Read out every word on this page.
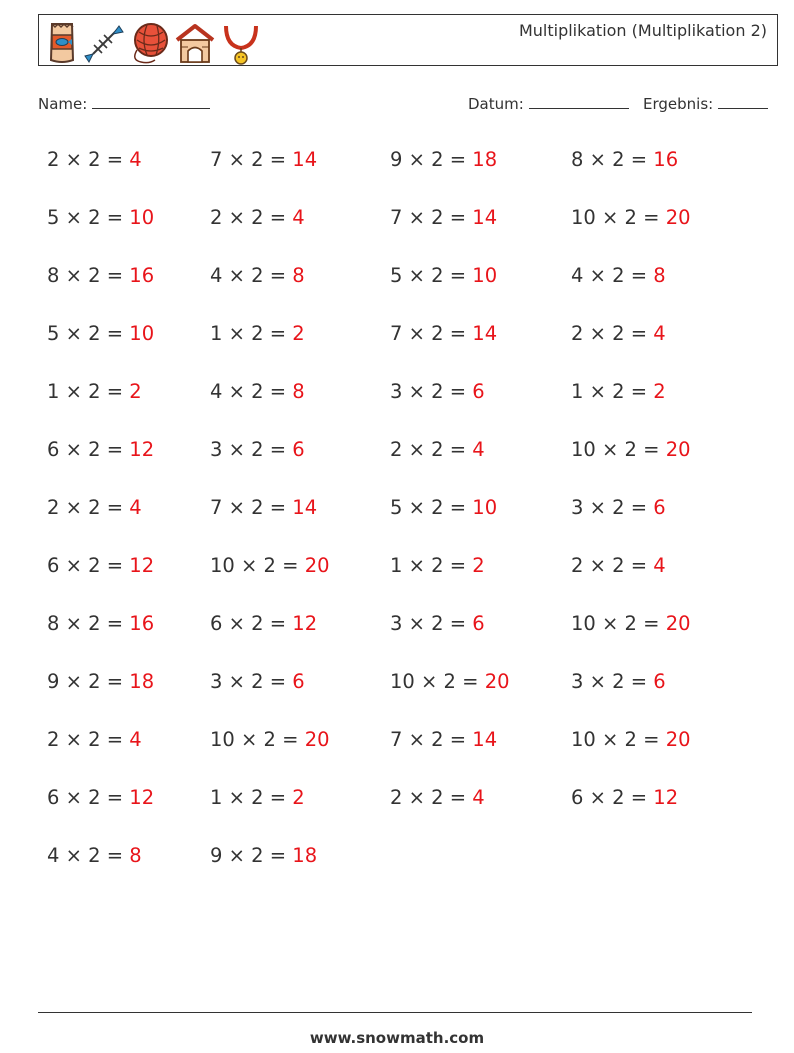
Multiplikation (Multiplikation 2)
Name:	Datum:	Ergebnis:
2 × 2 = 4	7 × 2 = 14	9 × 2 = 18	8 × 2 = 16
5 × 2 = 10	2 × 2 = 4	7 × 2 = 14	10 × 2 = 20
8 × 2 = 16	4 × 2 = 8	5 × 2 = 10	4 × 2 = 8
5 × 2 = 10	1 × 2 = 2	7 × 2 = 14	2 × 2 = 4
1 × 2 = 2	4 × 2 = 8	3 × 2 = 6	1 × 2 = 2
6 × 2 = 12	3 × 2 = 6	2 × 2 = 4	10 × 2 = 20
2 × 2 = 4	7 × 2 = 14	5 × 2 = 10	3 × 2 = 6
6 × 2 = 12	10 × 2 = 20	1 × 2 = 2	2 × 2 = 4
8 × 2 = 16	6 × 2 = 12	3 × 2 = 6	10 × 2 = 20
9 × 2 = 18	3 × 2 = 6	10 × 2 = 20	3 × 2 = 6
2 × 2 = 4	10 × 2 = 20	7 × 2 = 14	10 × 2 = 20
6 × 2 = 12	1 × 2 = 2	2 × 2 = 4	6 × 2 = 12
4 × 2 = 8	9 × 2 = 18
www.snowmath.com
